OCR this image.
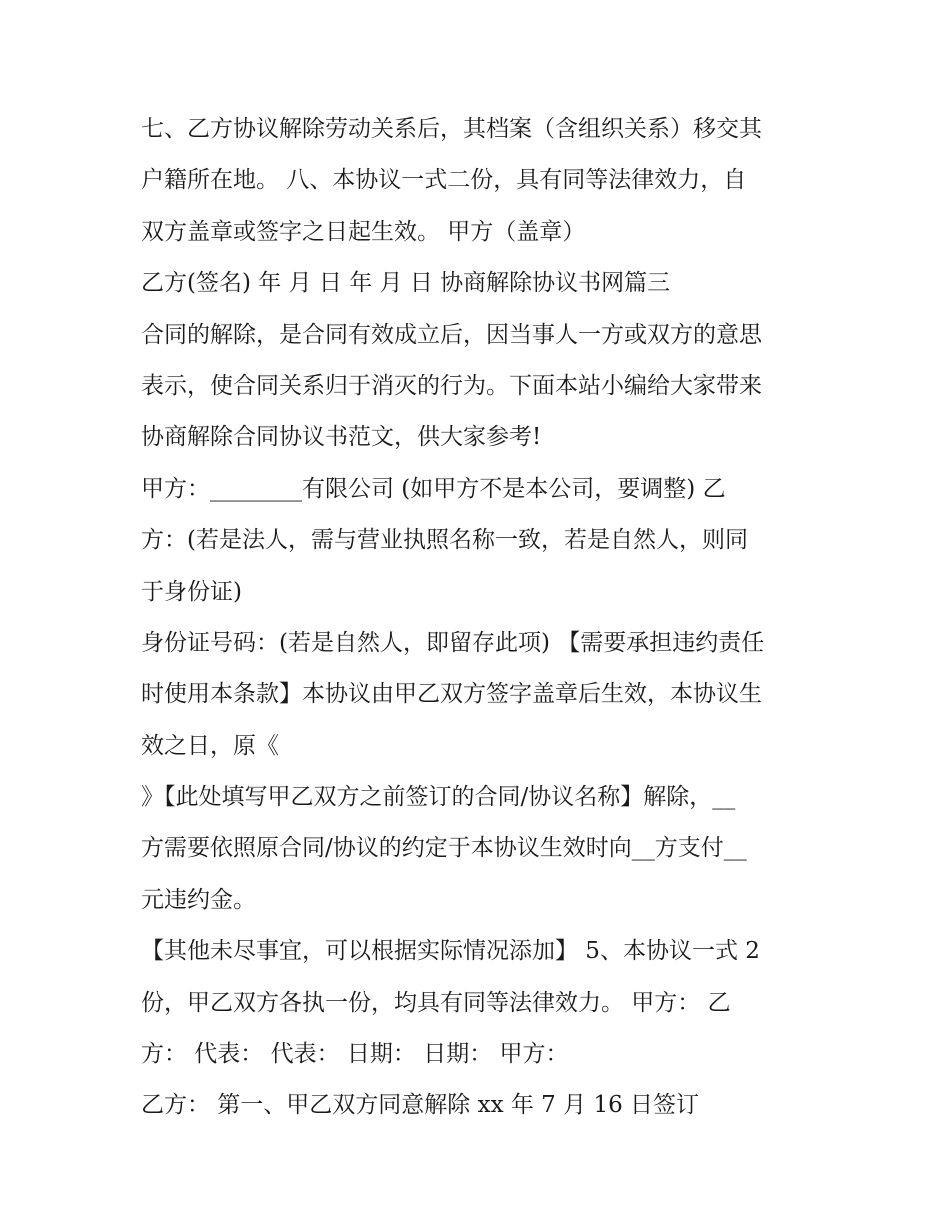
七、乙方协议解除劳动关系后，其档案（含组织关系）移交其
户籍所在地。 八、本协议一式二份，具有同等法律效力，自
双方盖章或签字之日起生效。 甲方（盖章）
乙方(签名) 年 月 日 年 月 日 协商解除协议书网篇三
合同的解除，是合同有效成立后，因当事人一方或双方的意思
表示，使合同关系归于消灭的行为。下面本站小编给大家带来
协商解除合同协议书范文，供大家参考!
甲方：________有限公司 (如甲方不是本公司，要调整) 乙
方：(若是法人，需与营业执照名称一致，若是自然人，则同
于身份证)
身份证号码：(若是自然人，即留存此项) 【需要承担违约责任
时使用本条款】本协议由甲乙双方签字盖章后生效，本协议生
效之日，原《
》【此处填写甲乙双方之前签订的合同/协议名称】解除，__
方需要依照原合同/协议的约定于本协议生效时向__方支付__
元违约金。
【其他未尽事宜，可以根据实际情况添加】 5、本协议一式 2
份，甲乙双方各执一份，均具有同等法律效力。 甲方： 乙
方： 代表： 代表： 日期： 日期： 甲方：
乙方： 第一、甲乙双方同意解除 xx 年 7 月 16 日签订
